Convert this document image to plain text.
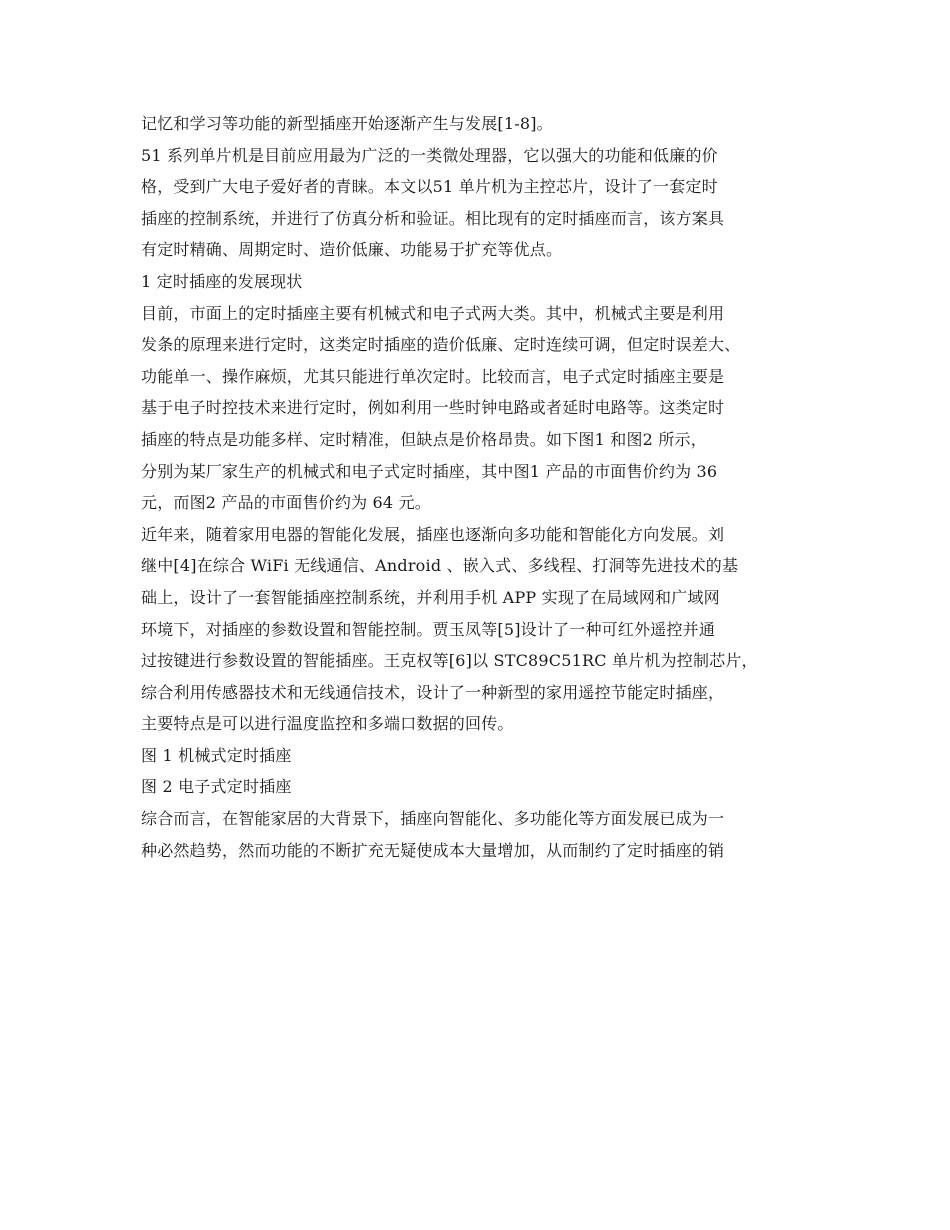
记忆和学习等功能的新型插座开始逐渐产生与发展[1-8]。
51 系列单片机是目前应用最为广泛的一类微处理器，它以强大的功能和低廉的价
格，受到广大电子爱好者的青睐。本文以51 单片机为主控芯片，设计了一套定时
插座的控制系统，并进行了仿真分析和验证。相比现有的定时插座而言，该方案具
有定时精确、周期定时、造价低廉、功能易于扩充等优点。
1 定时插座的发展现状
目前，市面上的定时插座主要有机械式和电子式两大类。其中，机械式主要是利用
发条的原理来进行定时，这类定时插座的造价低廉、定时连续可调，但定时误差大、
功能单一、操作麻烦，尤其只能进行单次定时。比较而言，电子式定时插座主要是
基于电子时控技术来进行定时，例如利用一些时钟电路或者延时电路等。这类定时
插座的特点是功能多样、定时精准，但缺点是价格昂贵。如下图1 和图2 所示，
分别为某厂家生产的机械式和电子式定时插座，其中图1 产品的市面售价约为 36
元，而图2 产品的市面售价约为 64 元。
近年来，随着家用电器的智能化发展，插座也逐渐向多功能和智能化方向发展。刘
继中[4]在综合 WiFi 无线通信、Android 、嵌入式、多线程、打洞等先进技术的基
础上，设计了一套智能插座控制系统，并利用手机 APP 实现了在局域网和广域网
环境下，对插座的参数设置和智能控制。贾玉凤等[5]设计了一种可红外遥控并通
过按键进行参数设置的智能插座。王克权等[6]以 STC89C51RC 单片机为控制芯片，
综合利用传感器技术和无线通信技术，设计了一种新型的家用遥控节能定时插座，
主要特点是可以进行温度监控和多端口数据的回传。
图 1 机械式定时插座
图 2 电子式定时插座
综合而言，在智能家居的大背景下，插座向智能化、多功能化等方面发展已成为一
种必然趋势，然而功能的不断扩充无疑使成本大量增加，从而制约了定时插座的销
